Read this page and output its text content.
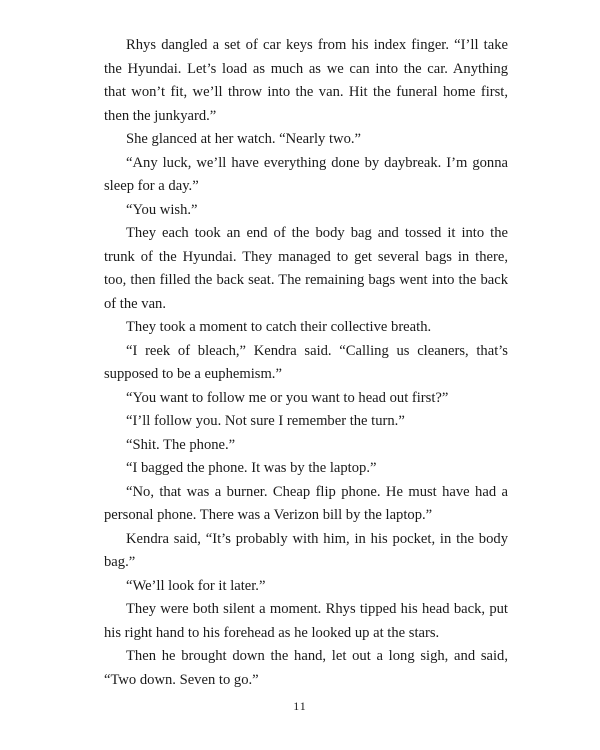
Rhys dangled a set of car keys from his index finger. “I’ll take the Hyundai. Let’s load as much as we can into the car. Anything that won’t fit, we’ll throw into the van. Hit the funeral home first, then the junkyard.”

She glanced at her watch. “Nearly two.”

“Any luck, we’ll have everything done by daybreak. I’m gonna sleep for a day.”

“You wish.”

They each took an end of the body bag and tossed it into the trunk of the Hyundai. They managed to get several bags in there, too, then filled the back seat. The remaining bags went into the back of the van.

They took a moment to catch their collective breath.

“I reek of bleach,” Kendra said. “Calling us cleaners, that’s supposed to be a euphemism.”

“You want to follow me or you want to head out first?”

“I’ll follow you. Not sure I remember the turn.”

“Shit. The phone.”

“I bagged the phone. It was by the laptop.”

“No, that was a burner. Cheap flip phone. He must have had a personal phone. There was a Verizon bill by the laptop.”

Kendra said, “It’s probably with him, in his pocket, in the body bag.”

“We’ll look for it later.”

They were both silent a moment. Rhys tipped his head back, put his right hand to his forehead as he looked up at the stars.

Then he brought down the hand, let out a long sigh, and said, “Two down. Seven to go.”

11
